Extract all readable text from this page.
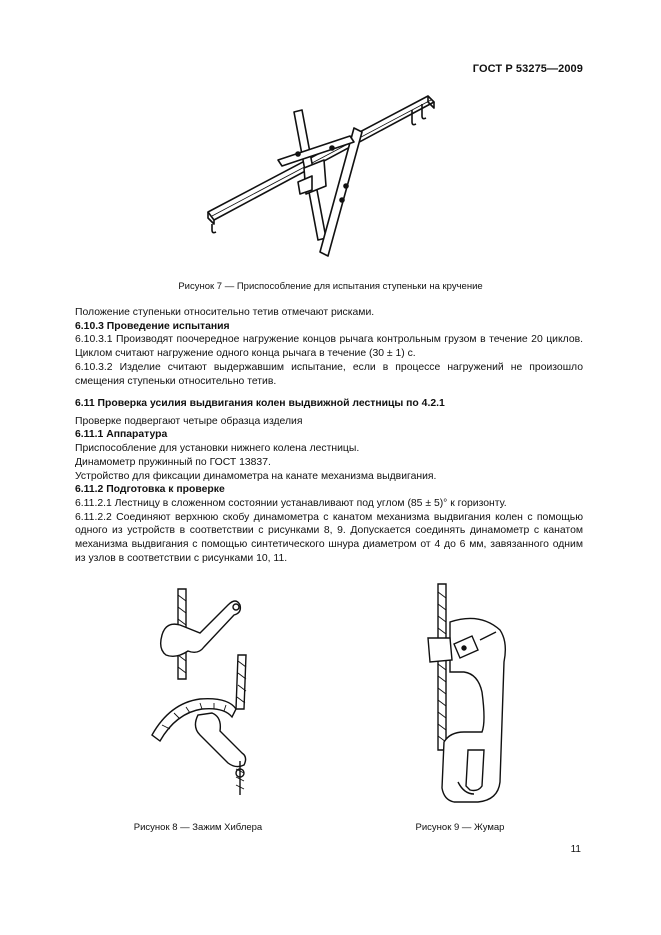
ГОСТ Р 53275—2009
Рисунок 7 — Приспособление для испытания ступеньки на кручение

Положение ступеньки относительно тетив отмечают рисками.

6.10.3 Проведение испытания

6.10.3.1 Производят поочередное нагружение концов рычага контрольным грузом в течение 20 циклов. Циклом считают нагружение одного конца рычага в течение (30 ± 1) с.

6.10.3.2 Изделие считают выдержавшим испытание, если в процессе нагружений не произошло смещения ступеньки относительно тетив.

6.11 Проверка усилия выдвигания колен выдвижной лестницы по 4.2.1

Проверке подвергают четыре образца изделия

6.11.1 Аппаратура

Приспособление для установки нижнего колена лестницы.

Динамометр пружинный по ГОСТ 13837.

Устройство для фиксации динамометра на канате механизма выдвигания.

6.11.2 Подготовка к проверке

6.11.2.1 Лестницу в сложенном состоянии устанавливают под углом (85 ± 5)° к горизонту.

6.11.2.2 Соединяют верхнюю скобу динамометра с канатом механизма выдвигания колен с помощью одного из устройств в соответствии с рисунками 8, 9. Допускается соединять динамометр с канатом механизма выдвигания с помощью синтетического шнура диаметром от 4 до 6 мм, завязанного одним из узлов в соответствии с рисунками 10, 11.

Рисунок 8 — Зажим Хиблера	Рисунок 9 — Жумар
11
